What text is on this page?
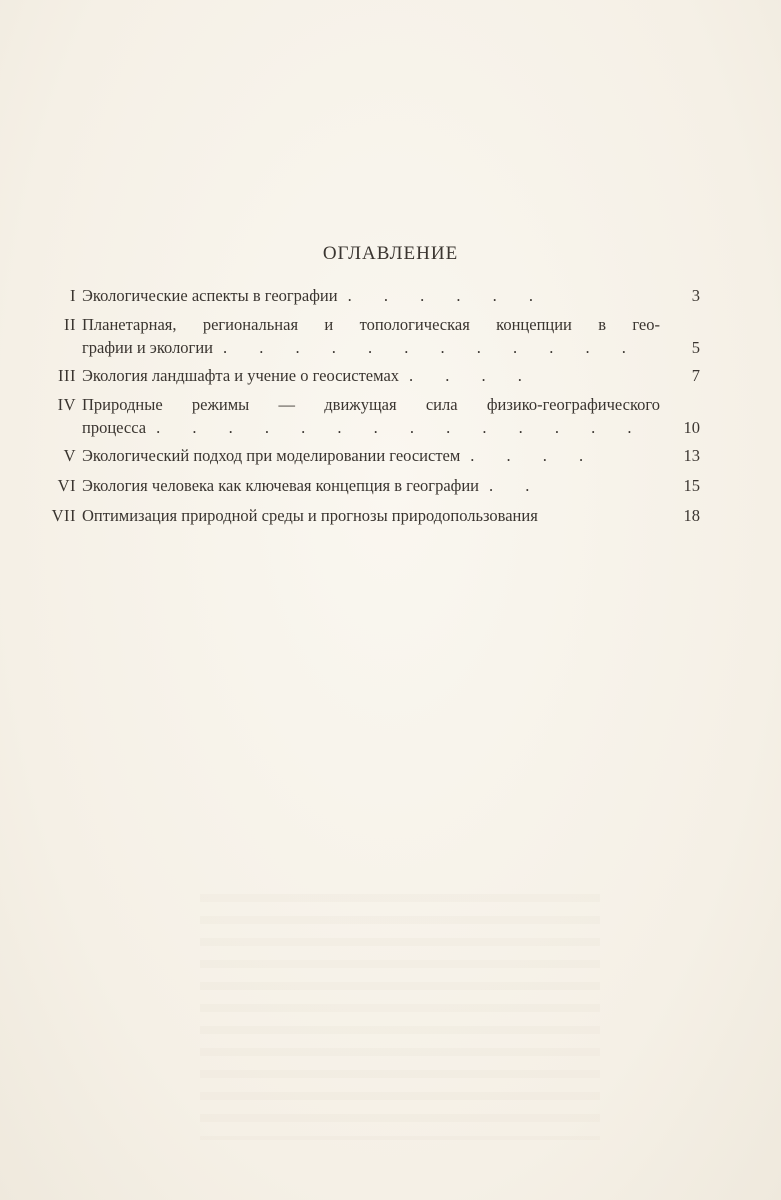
ОГЛАВЛЕНИЕ
I Экологические аспекты в географии . . . . . .	3
II Планетарная, региональная и топологическая концепции в гео-
графии и экологии . . . . . . . . . . . .	5
III Экология ландшафта и учение о геосистемах . . . .	7
IV Природные режимы — движущая сила физико-географического
процесса . . . . . . . . . . . . . .	10
V Экологический подход при моделировании геосистем . . . .	13
VI Экология человека как ключевая концепция в географии . .	15
VII Оптимизация природной среды и прогнозы природопользования	18
